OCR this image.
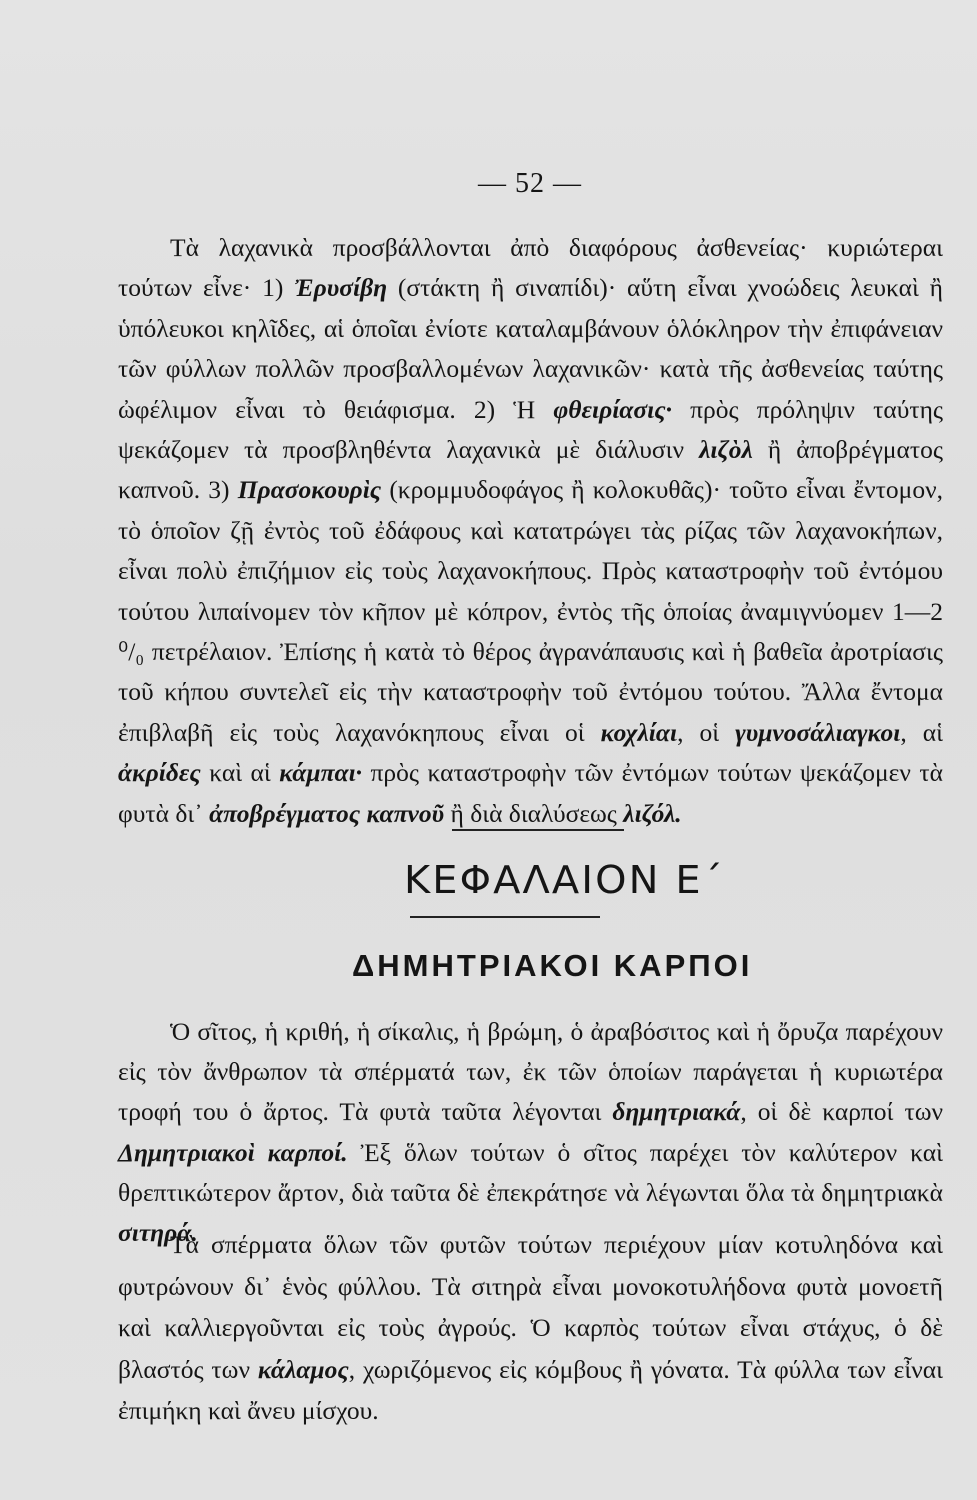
— 52 —

Τὰ λαχανικὰ προσβάλλονται ἀπὸ διαφόρους ἀσθενείας· κυριώτεραι τούτων εἶνε· 1) Ἐρυσίβη (στάκτη ἢ σιναπίδι)· αὕτη εἶναι χνοώδεις λευκαὶ ἢ ὑπόλευκοι κηλῖδες, αἱ ὁποῖαι ἐνίοτε καταλαμβάνουν ὁλόκληρον τὴν ἐπιφάνειαν τῶν φύλλων πολλῶν προσβαλλομένων λαχανικῶν· κατὰ τῆς ἀσθενείας ταύτης ὠφέλιμον εἶναι τὸ θειάφισμα. 2) Ἡ φθειρίασις· πρὸς πρόληψιν ταύτης ψεκάζομεν τὰ προσβληθέντα λαχανικὰ μὲ διάλυσιν λιζὸλ ἢ ἀποβρέγματος καπνοῦ. 3) Πρασοκουρὶς (κρομμυδοφάγος ἢ κολοκυθᾶς)· τοῦτο εἶναι ἔντομον, τὸ ὁποῖον ζῇ ἐντὸς τοῦ ἐδάφους καὶ κατατρώγει τὰς ρίζας τῶν λαχανοκήπων, εἶναι πολὺ ἐπιζήμιον εἰς τοὺς λαχανοκήπους. Πρὸς καταστροφὴν τοῦ ἐντόμου τούτου λιπαίνομεν τὸν κῆπον μὲ κόπρον, ἐντὸς τῆς ὁποίας ἀναμιγνύομεν 1—2 ⁰/₀ πετρέλαιον. Ἐπίσης ἡ κατὰ τὸ θέρος ἀγρανάπαυσις καὶ ἡ βαθεῖα ἀροτρίασις τοῦ κήπου συντελεῖ εἰς τὴν καταστροφὴν τοῦ ἐντόμου τούτου. Ἄλλα ἔντομα ἐπιβλαβῆ εἰς τοὺς λαχανόκηπους εἶναι οἱ κοχλίαι, οἱ γυμνοσάλιαγκοι, αἱ ἀκρίδες καὶ αἱ κάμπαι· πρὸς καταστροφὴν τῶν ἐντόμων τούτων ψεκάζομεν τὰ φυτὰ δι᾿ ἀποβρέγματος καπνοῦ ἢ διὰ διαλύσεως λιζόλ.

ΚΕΦΑΛΑΙΟΝ Ε΄
ΔΗΜΗΤΡΙΑΚΟΙ ΚΑΡΠΟΙ

Ὁ σῖτος, ἡ κριθή, ἡ σίκαλις, ἡ βρώμη, ὁ ἀραβόσιτος καὶ ἡ ὄρυζα παρέχουν εἰς τὸν ἄνθρωπον τὰ σπέρματά των, ἐκ τῶν ὁποίων παράγεται ἡ κυριωτέρα τροφή του ὁ ἄρτος. Τὰ φυτὰ ταῦτα λέγονται δημητριακά, οἱ δὲ καρποί των Δημητριακοὶ καρποί. Ἐξ ὅλων τούτων ὁ σῖτος παρέχει τὸν καλύτερον καὶ θρεπτικώτερον ἄρτον, διὰ ταῦτα δὲ ἐπεκράτησε νὰ λέγωνται ὅλα τὰ δημητριακὰ σιτηρά.

Τὰ σπέρματα ὅλων τῶν φυτῶν τούτων περιέχουν μίαν κοτυληδόνα καὶ φυτρώνουν δι᾿ ἑνὸς φύλλου. Τὰ σιτηρὰ εἶναι μονοκοτυλήδονα φυτὰ μονοετῆ καὶ καλλιεργοῦνται εἰς τοὺς ἀγρούς. Ὁ καρπὸς τούτων εἶναι στάχυς, ὁ δὲ βλαστός των κάλαμος, χωριζόμενος εἰς κόμβους ἢ γόνατα. Τὰ φύλλα των εἶναι ἐπιμήκη καὶ ἄνευ μίσχου.
